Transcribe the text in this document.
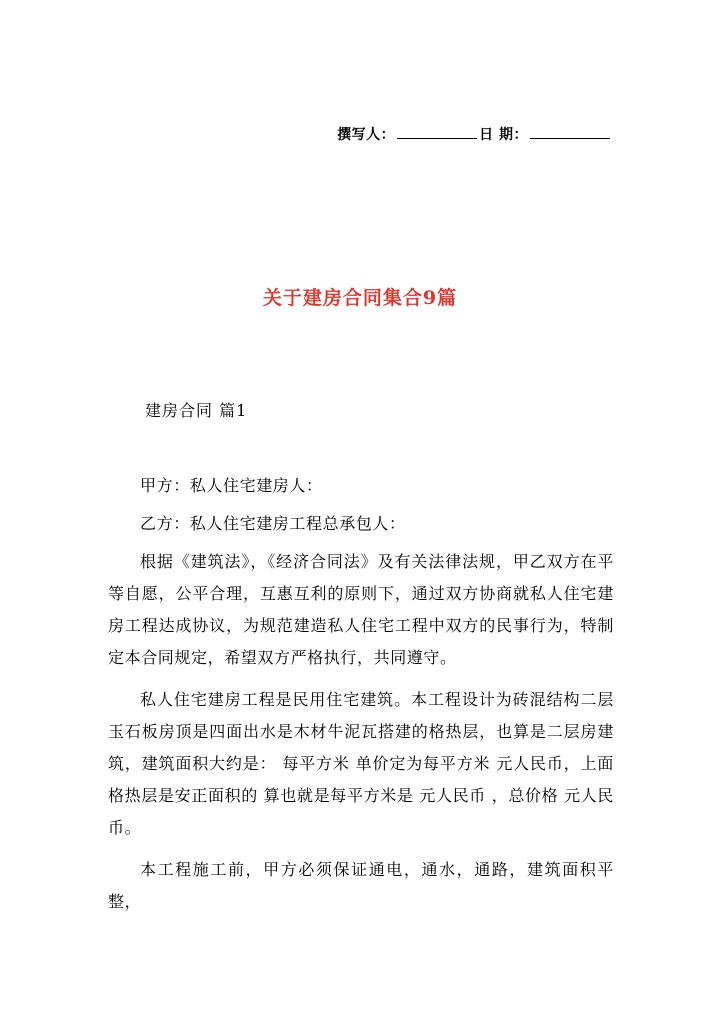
撰写人：	日 期：
关于建房合同集合9篇
建房合同 篇1

甲方：私人住宅建房人：

乙方：私人住宅建房工程总承包人：

根据《建筑法》，《经济合同法》及有关法律法规，甲乙双方在平等自愿，公平合理，互惠互利的原则下，通过双方协商就私人住宅建房工程达成协议，为规范建造私人住宅工程中双方的民事行为，特制定本合同规定，希望双方严格执行，共同遵守。

私人住宅建房工程是民用住宅建筑。本工程设计为砖混结构二层玉石板房顶是四面出水是木材牛泥瓦搭建的格热层，也算是二层房建筑，建筑面积大约是： 每平方米 单价定为每平方米 元人民币，上面格热层是安正面积的 算也就是每平方米是 元人民币 ，总价格 元人民币。

本工程施工前，甲方必须保证通电，通水，通路，建筑面积平整，
